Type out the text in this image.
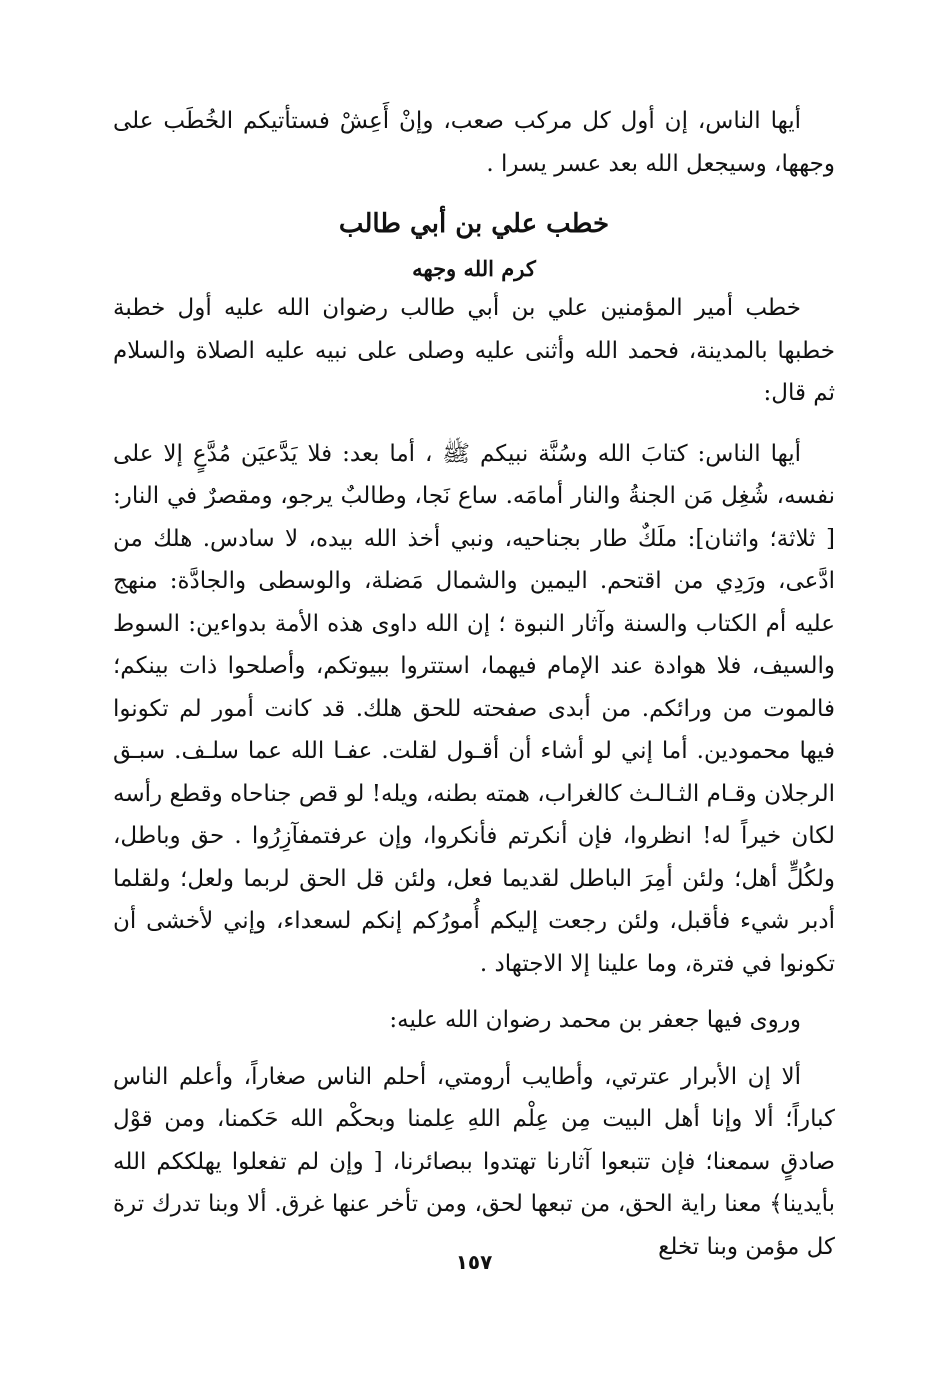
أيها الناس، إن أول كل مركب صعب، وإنْ أَعِشْ فستأتيكم الخُطَب على وجهها، وسيجعل الله بعد عسر يسرا .

خطب علي بن أبي طالب
كرم الله وجهه

خطب أمير المؤمنين علي بن أبي طالب رضوان الله عليه أول خطبة خطبها بالمدينة، فحمد الله وأثنى عليه وصلى على نبيه عليه الصلاة والسلام ثم قال:

أيها الناس: كتابَ الله وسُنَّة نبيكم ﷺ ، أما بعد: فلا يَدَّعيَن مُدَّعٍ إلا على نفسه، شُغِل مَن الجنةُ والنار أمامَه. ساع نَجا، وطالبٌ يرجو، ومقصرٌ في النار: [ ثلاثة؛ واثنان]: ملَكٌ طار بجناحيه، ونبي أخذ الله بيده، لا سادس. هلك من ادَّعى، ورَدِي من اقتحم. اليمين والشمال مَضلة، والوسطى والجادَّة: منهج عليه أم الكتاب والسنة وآثار النبوة ؛ إن الله داوى هذه الأمة بدواءين: السوط والسيف، فلا هوادة عند الإمام فيهما، استتروا ببيوتكم، وأصلحوا ذات بينكم؛ فالموت من ورائكم. من أبدى صفحته للحق هلك. قد كانت أمور لم تكونوا فيها محمودين. أما إني لو أشاء أن أقـول لقلت. عفـا الله عما سلـف. سبـق الرجلان وقـام الثـالـث كالغراب، همته بطنه، ويله! لو قص جناحاه وقطع رأسه لكان خيراً له! انظروا، فإن أنكرتم فأنكروا، وإن عرفتمفآزِرُوا . حق وباطل، ولكُلٍّ أهل؛ ولئن أمِرَ الباطل لقديما فعل، ولئن قل الحق لربما ولعل؛ ولقلما أدبر شيء فأقبل، ولئن رجعت إليكم أُمورُكم إنكم لسعداء، وإني لأخشى أن تكونوا في فترة، وما علينا إلا الاجتهاد .

وروى فيها جعفر بن محمد رضوان الله عليه:

ألا إن الأبرار عترتي، وأطايب أرومتي، أحلم الناس صغاراً، وأعلم الناس كباراً؛ ألا وإنا أهل البيت مِن عِلْم اللهِ عِلمنا وبحكْم الله حَكمنا، ومن قوْل صادقٍ سمعنا؛ فإن تتبعوا آثارنا تهتدوا ببصائرنا، [ وإن لم تفعلوا يهلككم الله بأيدينا﴾ معنا راية الحق، من تبعها لحق، ومن تأخر عنها غرق. ألا وبنا تدرك ترة كل مؤمن وبنا تخلع

١٥٧
